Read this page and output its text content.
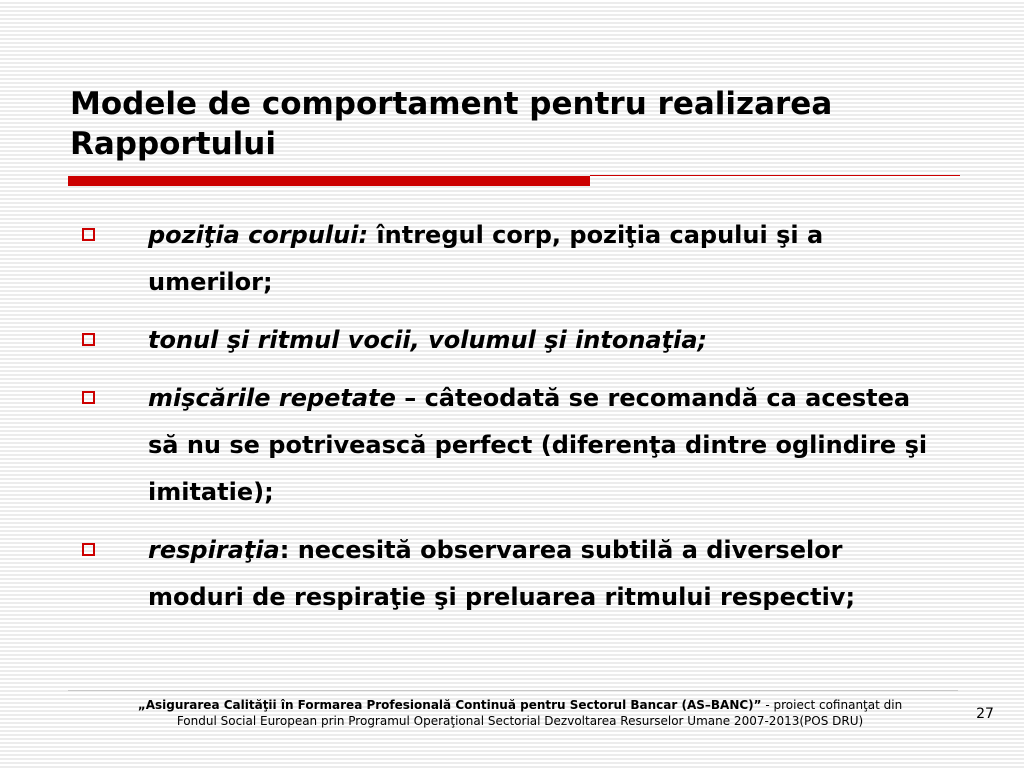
Modele de comportament pentru realizarea Rapportului
poziţia corpului: întregul corp, poziţia capului şi a umerilor;
tonul şi ritmul vocii, volumul şi intonaţia;
mişcările repetate – câteodată se recomandă ca acestea să nu se potrivească perfect (diferenţa dintre oglindire şi imitatie);
respiraţia: necesită observarea subtilă a diverselor moduri de respiraţie şi preluarea ritmului respectiv;
„Asigurarea Calităţii în Formarea Profesională Continuă pentru Sectorul Bancar (AS–BANC)” - proiect cofinanţat din
Fondul Social European prin Programul Operaţional Sectorial Dezvoltarea Resurselor Umane 2007-2013(POS DRU)	27
